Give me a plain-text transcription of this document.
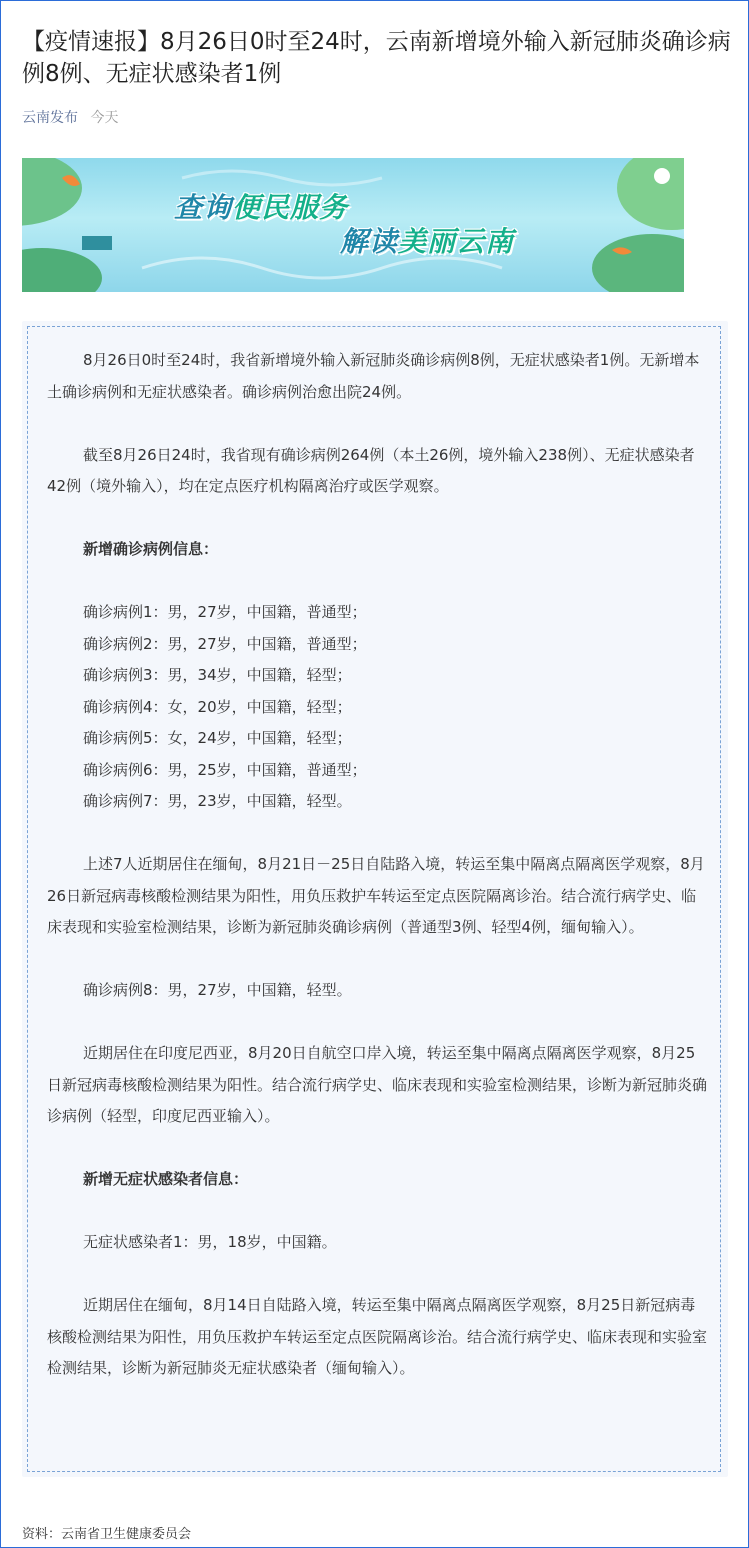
【疫情速报】8月26日0时至24时，云南新增境外输入新冠肺炎确诊病例8例、无症状感染者1例
云南发布 今天
查询便民服务
解读美丽云南

8月26日0时至24时，我省新增境外输入新冠肺炎确诊病例8例，无症状感染者1例。无新增本土确诊病例和无症状感染者。确诊病例治愈出院24例。

截至8月26日24时，我省现有确诊病例264例（本土26例，境外输入238例）、无症状感染者42例（境外输入），均在定点医疗机构隔离治疗或医学观察。

新增确诊病例信息：

确诊病例1：男，27岁，中国籍，普通型；

确诊病例2：男，27岁，中国籍，普通型；

确诊病例3：男，34岁，中国籍，轻型；

确诊病例4：女，20岁，中国籍，轻型；

确诊病例5：女，24岁，中国籍，轻型；

确诊病例6：男，25岁，中国籍，普通型；

确诊病例7：男，23岁，中国籍，轻型。

上述7人近期居住在缅甸，8月21日－25日自陆路入境，转运至集中隔离点隔离医学观察，8月26日新冠病毒核酸检测结果为阳性，用负压救护车转运至定点医院隔离诊治。结合流行病学史、临床表现和实验室检测结果，诊断为新冠肺炎确诊病例（普通型3例、轻型4例，缅甸输入）。

确诊病例8：男，27岁，中国籍，轻型。

近期居住在印度尼西亚，8月20日自航空口岸入境，转运至集中隔离点隔离医学观察，8月25日新冠病毒核酸检测结果为阳性。结合流行病学史、临床表现和实验室检测结果，诊断为新冠肺炎确诊病例（轻型，印度尼西亚输入）。

新增无症状感染者信息：

无症状感染者1：男，18岁，中国籍。

近期居住在缅甸，8月14日自陆路入境，转运至集中隔离点隔离医学观察，8月25日新冠病毒核酸检测结果为阳性，用负压救护车转运至定点医院隔离诊治。结合流行病学史、临床表现和实验室检测结果，诊断为新冠肺炎无症状感染者（缅甸输入）。

资料：云南省卫生健康委员会
